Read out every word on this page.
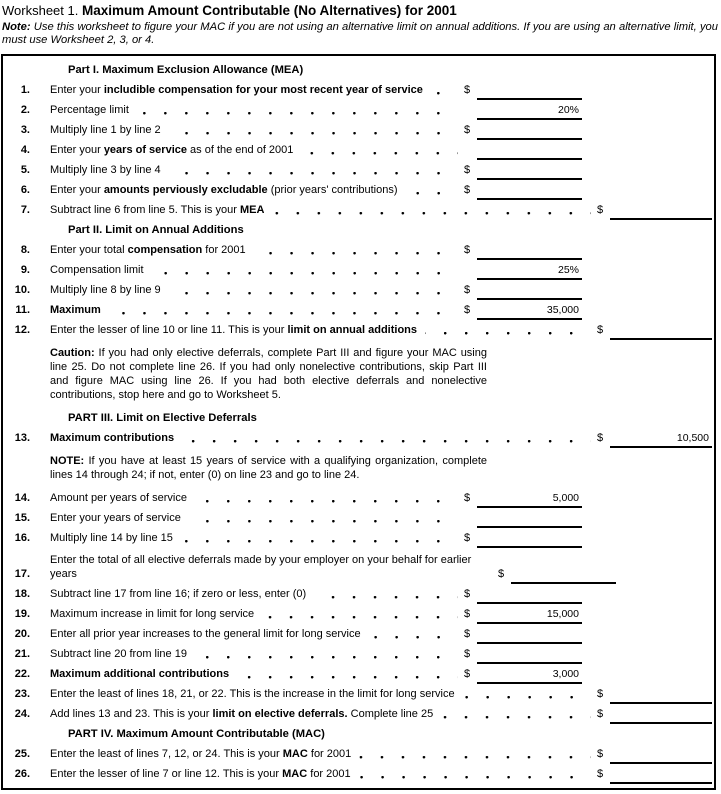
Worksheet 1. Maximum Amount Contributable (No Alternatives) for 2001
Note: Use this worksheet to figure your MAC if you are not using an alternative limit on annual additions. If you are using an alternative limit, you must use Worksheet 2, 3, or 4.
Part I. Maximum Exclusion Allowance (MEA)
1. Enter your includible compensation for your most recent year of service	$
2. Percentage limit	20%
3. Multiply line 1 by line 2	$
4. Enter your years of service as of the end of 2001
5. Multiply line 3 by line 4	$
6. Enter your amounts perviously excludable (prior years' contributions)	$
7. Subtract line 6 from line 5. This is your MEA	$
Part II. Limit on Annual Additions
8. Enter your total compensation for 2001	$
9. Compensation limit	25%
10. Multiply line 8 by line 9	$
11. Maximum	$	35,000
12. Enter the lesser of line 10 or line 11. This is your limit on annual additions	$
Caution: If you had only elective deferrals, complete Part III and figure your MAC using line 25. Do not complete line 26. If you had only nonelective contributions, skip Part III and figure MAC using line 26. If you had both elective deferrals and nonelective contributions, stop here and go to Worksheet 5.
PART III. Limit on Elective Deferrals
13. Maximum contributions	$	10,500
NOTE: If you have at least 15 years of service with a qualifying organization, complete lines 14 through 24; if not, enter (0) on line 23 and go to line 24.
14. Amount per years of service	$	5,000
15. Enter your years of service
16. Multiply line 14 by line 15	$
17.
Enter the total of all elective deferrals made by your employer on your behalf for earlier years	$
18. Subtract line 17 from line 16; if zero or less, enter (0)	$
19. Maximum increase in limit for long service	$	15,000
20. Enter all prior year increases to the general limit for long service	$
21. Subtract line 20 from line 19	$
22. Maximum additional contributions	$	3,000
23. Enter the least of lines 18, 21, or 22. This is the increase in the limit for long service	$
24. Add lines 13 and 23. This is your limit on elective deferrals. Complete line 25	$
PART IV. Maximum Amount Contributable (MAC)
25. Enter the least of lines 7, 12, or 24. This is your MAC for 2001	$
26. Enter the lesser of line 7 or line 12. This is your MAC for 2001	$
